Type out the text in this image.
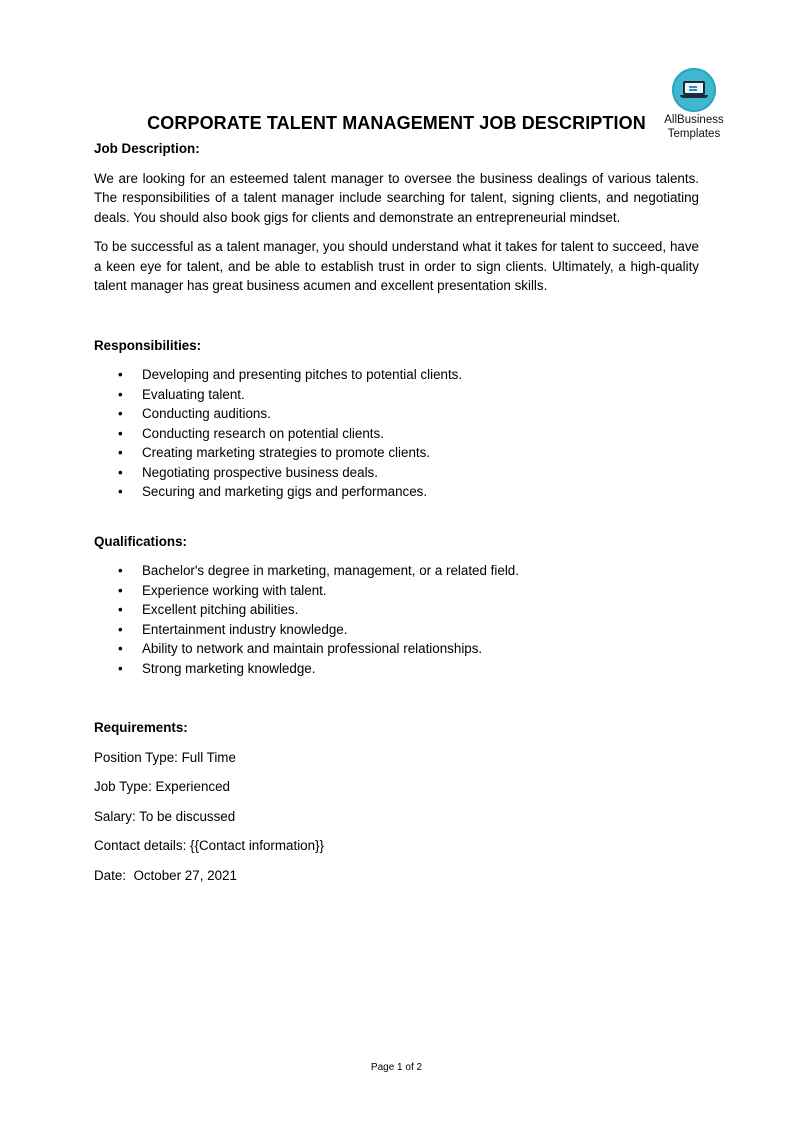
AllBusiness
Templates
CORPORATE TALENT MANAGEMENT JOB DESCRIPTION

Job Description:

We are looking for an esteemed talent manager to oversee the business dealings of various talents. The responsibilities of a talent manager include searching for talent, signing clients, and negotiating deals. You should also book gigs for clients and demonstrate an entrepreneurial mindset.

To be successful as a talent manager, you should understand what it takes for talent to succeed, have a keen eye for talent, and be able to establish trust in order to sign clients. Ultimately, a high-quality talent manager has great business acumen and excellent presentation skills.

Responsibilities:

• Developing and presenting pitches to potential clients.
• Evaluating talent.
• Conducting auditions.
• Conducting research on potential clients.
• Creating marketing strategies to promote clients.
• Negotiating prospective business deals.
• Securing and marketing gigs and performances.

Qualifications:

• Bachelor's degree in marketing, management, or a related field.
• Experience working with talent.
• Excellent pitching abilities.
• Entertainment industry knowledge.
• Ability to network and maintain professional relationships.
• Strong marketing knowledge.

Requirements:

Position Type: Full Time

Job Type: Experienced

Salary: To be discussed

Contact details: {{Contact information}}

Date:  October 27, 2021

Page 1 of 2
